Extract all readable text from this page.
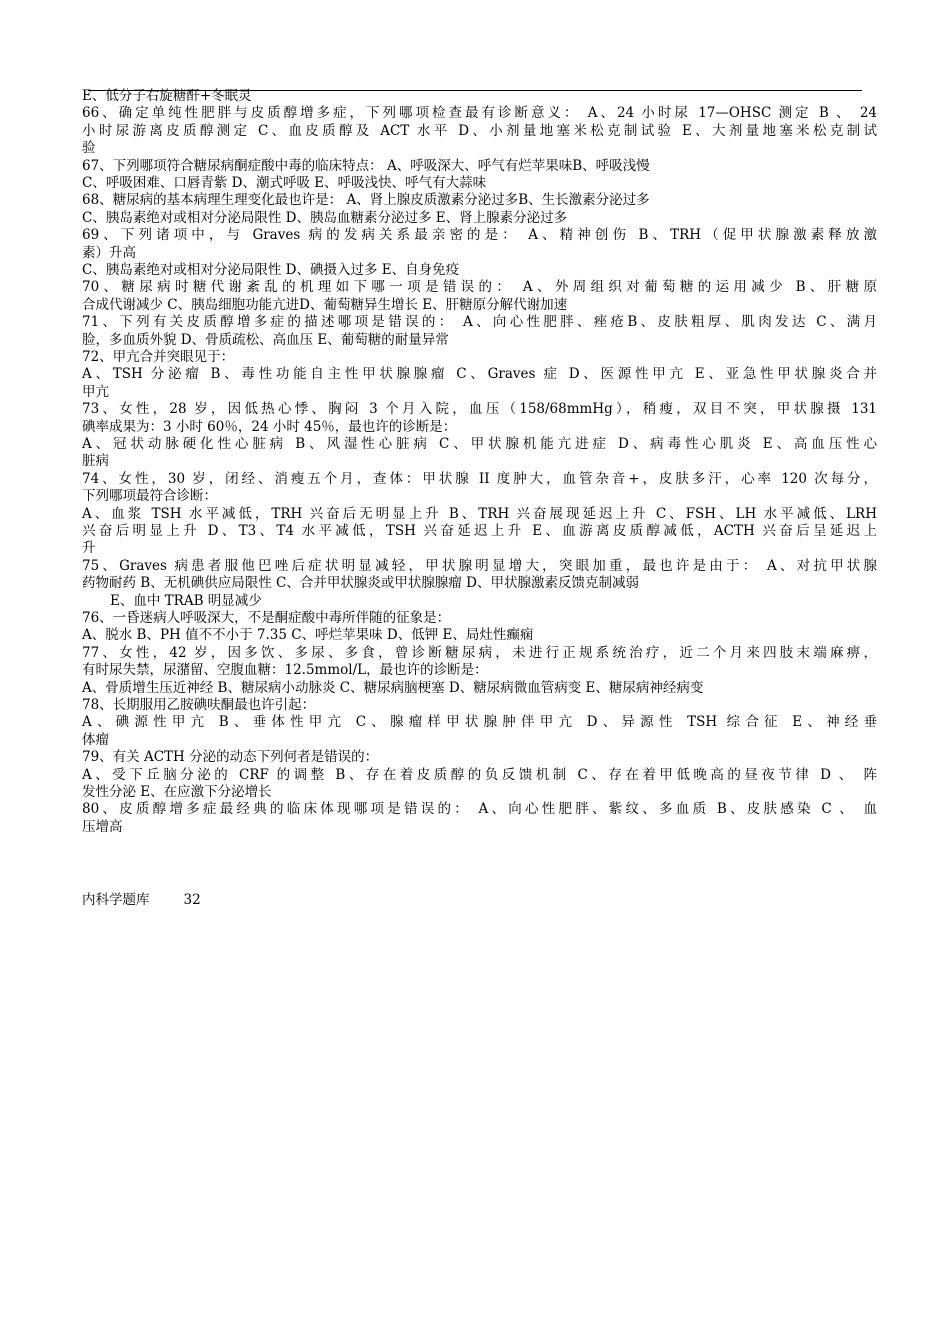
E、低分子右旋糖酐+冬眠灵
66、确定单纯性肥胖与皮质醇增多症，下列哪项检查最有诊断意义： A、24 小时尿 17—OHSC 测定 B 、 24
小时尿游离皮质醇测定 C、血皮质醇及 ACT 水平 D、小剂量地塞米松克制试验 E、大剂量地塞米松克制试
验
67、下列哪项符合糖尿病酮症酸中毒的临床特点： A、呼吸深大、呼气有烂苹果味B、呼吸浅慢
C、呼吸困难、口唇青紫 D、潮式呼吸 E、呼吸浅快、呼气有大蒜味
68、糖尿病的基本病理生理变化最也许是： A、肾上腺皮质激素分泌过多B、生长激素分泌过多
C、胰岛素绝对或相对分泌局限性 D、胰岛血糖素分泌过多 E、肾上腺素分泌过多
69、下列诸项中，与 Graves 病的发病关系最亲密的是： A、精神创伤 B、TRH（促甲状腺激素释放激
素）升高
C、胰岛素绝对或相对分泌局限性 D、碘摄入过多 E、自身免疫
70、糖尿病时糖代谢紊乱的机理如下哪一项是错误的： A、外周组织对葡萄糖的运用减少 B、肝糖原
合成代谢减少 C、胰岛细胞功能亢进D、葡萄糖异生增长 E、肝糖原分解代谢加速
71、下列有关皮质醇增多症的描述哪项是错误的： A、向心性肥胖、痤疮B、皮肤粗厚、肌肉发达 C、满月
脸，多血质外貌 D、骨质疏松、高血压 E、葡萄糖的耐量异常
72、甲亢合并突眼见于：
A、TSH 分泌瘤 B、毒性功能自主性甲状腺腺瘤 C、Graves 症 D、医源性甲亢 E、亚急性甲状腺炎合并
甲亢
73、女性，28 岁，因低热心悸、胸闷 3 个月入院，血压（158/68mmHg），稍瘦，双目不突，甲状腺摄 131
碘率成果为：3 小时 60％，24 小时 45％，最也许的诊断是：
A、冠状动脉硬化性心脏病 B、风湿性心脏病 C、甲状腺机能亢进症 D、病毒性心肌炎 E、高血压性心
脏病
74、女性，30 岁，闭经、消瘦五个月，查体：甲状腺 II 度肿大，血管杂音+，皮肤多汗，心率 120 次每分，
下列哪项最符合诊断：
A、血浆 TSH 水平减低，TRH 兴奋后无明显上升 B、TRH 兴奋展现延迟上升 C、FSH、LH 水平减低、LRH
兴奋后明显上升 D、T3、T4 水平减低，TSH 兴奋延迟上升 E、血游离皮质醇减低，ACTH 兴奋后呈延迟上
升
75、Graves 病患者服他巴唑后症状明显减轻，甲状腺明显增大，突眼加重，最也许是由于： A、对抗甲状腺
药物耐药 B、无机碘供应局限性 C、合并甲状腺炎或甲状腺腺瘤 D、甲状腺激素反馈克制减弱
E、血中 TRAB 明显减少
76、一昏迷病人呼吸深大，不是酮症酸中毒所伴随的征象是：
A、脱水 B、PH 值不不小于 7.35 C、呼烂苹果味 D、低钾 E、局灶性癫痫
77、女性，42 岁，因多饮、多尿、多食，曾诊断糖尿病，未进行正规系统治疗，近二个月来四肢末端麻痹，
有时尿失禁，尿潴留、空腹血糖：12.5mmol/L，最也许的诊断是：
A、骨质增生压近神经 B、糖尿病小动脉炎 C、糖尿病脑梗塞 D、糖尿病微血管病变 E、糖尿病神经病变
78、长期服用乙胺碘呋酮最也许引起：
A、碘源性甲亢 B、垂体性甲亢 C、腺瘤样甲状腺肿伴甲亢 D、异源性 TSH 综合征 E、神经垂
体瘤
79、有关 ACTH 分泌的动态下列何者是错误的：
A、受下丘脑分泌的 CRF 的调整 B、存在着皮质醇的负反馈机制 C、存在着甲低晚高的昼夜节律 D 、 阵
发性分泌 E、在应激下分泌增长
80、皮质醇增多症最经典的临床体现哪项是错误的： A、向心性肥胖、紫纹、多血质 B、皮肤感染 C 、 血
压增高
内科学题库	32
